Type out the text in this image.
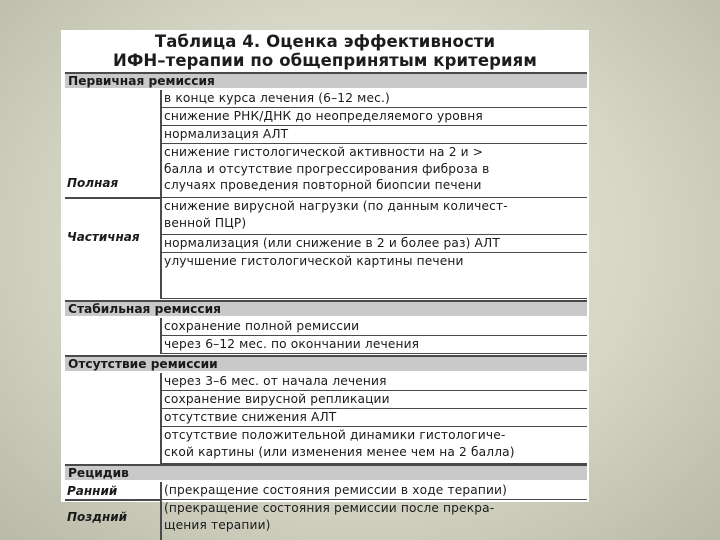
Таблица 4. Оценка эффективности
ИФН–терапии по общепринятым критериям
Первичная ремиссия
в конце курса лечения (6–12 мес.)
снижение РНК/ДНК до неопределяемого уровня
нормализация АЛТ
снижение гистологической активности на 2 и >
балла и отсутствие прогрессирования фиброза в
случаях проведения повторной биопсии печени
Полная
снижение вирусной нагрузки (по данным количест-
венной ПЦР)
нормализация (или снижение в 2 и более раз) АЛТ
улучшение гистологической картины печени
Частичная
Стабильная ремиссия
сохранение полной ремиссии
через 6–12 мес. по окончании лечения
Отсутствие ремиссии
через 3–6 мес. от начала лечения
сохранение вирусной репликации
отсутствие снижения АЛТ
отсутствие положительной динамики гистологиче-
ской картины (или изменения менее чем на 2 балла)
Рецидив
(прекращение состояния ремиссии в ходе терапии)
Ранний
(прекращение состояния ремиссии после прекра-
щения терапии)
Поздний
